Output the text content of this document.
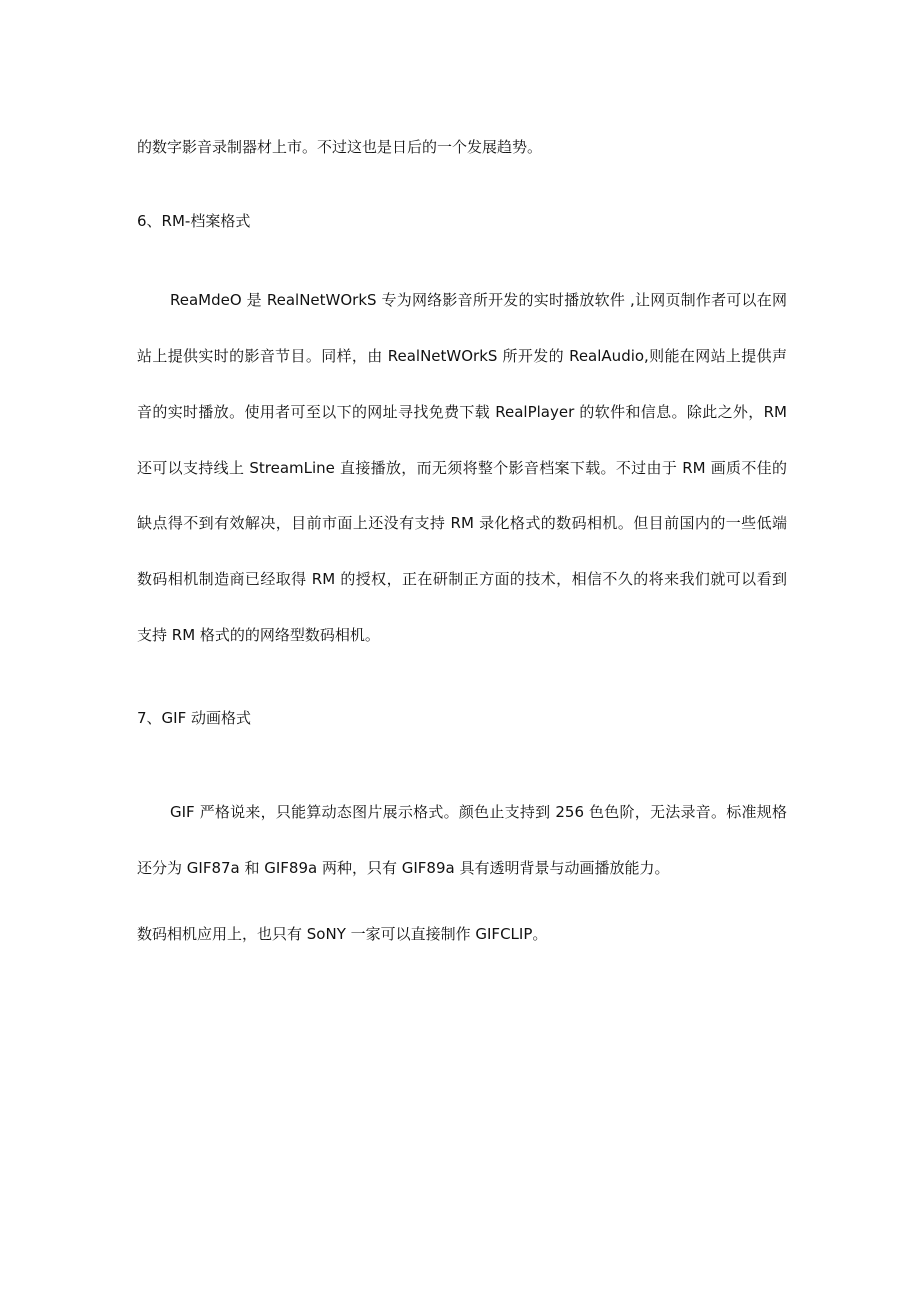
的数字影音录制器材上市。不过这也是日后的一个发展趋势。
6、RM-档案格式
ReaMdeO 是 RealNetWOrkS 专为网络影音所开发的实时播放软件 ,让网页制作者可以在网
站上提供实时的影音节目。同样，由 RealNetWOrkS 所开发的 RealAudio,则能在网站上提供声
音的实时播放。使用者可至以下的网址寻找免费下载 RealPlayer 的软件和信息。除此之外，RM
还可以支持线上 StreamLine 直接播放，而无须将整个影音档案下载。不过由于 RM 画质不佳的
缺点得不到有效解决，目前市面上还没有支持 RM 录化格式的数码相机。但目前国内的一些低端
数码相机制造商已经取得 RM 的授权，正在研制正方面的技术，相信不久的将来我们就可以看到
支持 RM 格式的的网络型数码相机。
7、GIF 动画格式
GIF 严格说来，只能算动态图片展示格式。颜色止支持到 256 色色阶，无法录音。标准规格
还分为 GIF87a 和 GIF89a 两种，只有 GIF89a 具有透明背景与动画播放能力。
数码相机应用上，也只有 SoNY 一家可以直接制作 GIFCLIP。
